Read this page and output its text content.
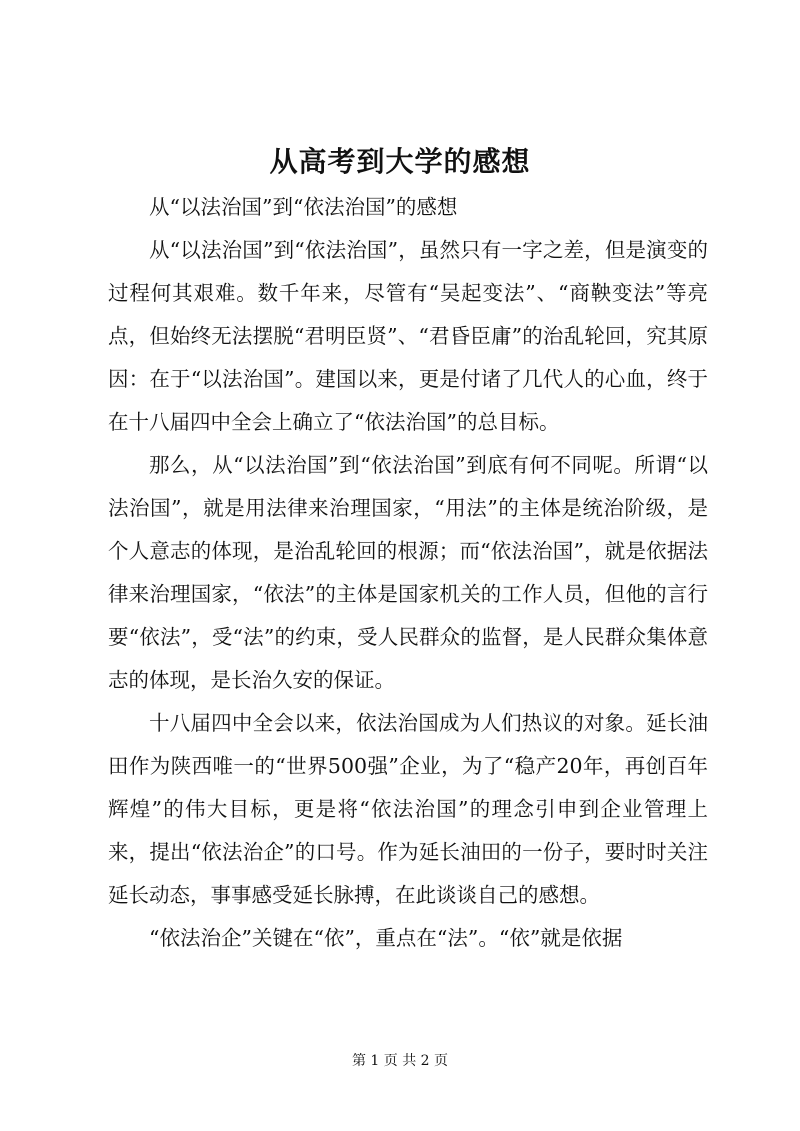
从高考到大学的感想

从“以法治国”到“依法治国”的感想

从“以法治国”到“依法治国”，虽然只有一字之差，但是演变的过程何其艰难。数千年来，尽管有“吴起变法”、“商鞅变法”等亮点，但始终无法摆脱“君明臣贤”、“君昏臣庸”的治乱轮回，究其原因：在于“以法治国”。建国以来，更是付诸了几代人的心血，终于在十八届四中全会上确立了“依法治国”的总目标。

那么，从“以法治国”到“依法治国”到底有何不同呢。所谓“以法治国”，就是用法律来治理国家，“用法”的主体是统治阶级，是个人意志的体现，是治乱轮回的根源；而“依法治国”，就是依据法律来治理国家，“依法”的主体是国家机关的工作人员，但他的言行要“依法”，受“法”的约束，受人民群众的监督，是人民群众集体意志的体现，是长治久安的保证。

十八届四中全会以来，依法治国成为人们热议的对象。延长油田作为陕西唯一的“世界500强”企业，为了“稳产20年，再创百年辉煌”的伟大目标，更是将“依法治国”的理念引申到企业管理上来，提出“依法治企”的口号。作为延长油田的一份子，要时时关注延长动态，事事感受延长脉搏，在此谈谈自己的感想。

“依法治企”关键在“依”，重点在“法”。“依”就是依据

第 1 页 共 2 页
